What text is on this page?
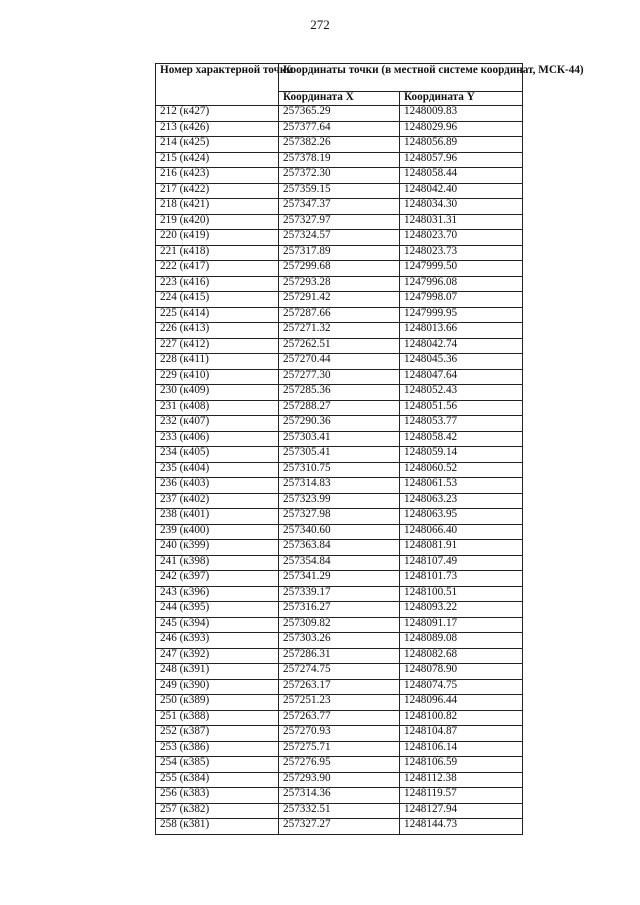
272
Номер характерной точки	Координаты точки (в местной системе координат, МСК-44)	
	Координата X	Координата Y
212 (к427)	257365.29	1248009.83
213 (к426)	257377.64	1248029.96
214 (к425)	257382.26	1248056.89
215 (к424)	257378.19	1248057.96
216 (к423)	257372.30	1248058.44
217 (к422)	257359.15	1248042.40
218 (к421)	257347.37	1248034.30
219 (к420)	257327.97	1248031.31
220 (к419)	257324.57	1248023.70
221 (к418)	257317.89	1248023.73
222 (к417)	257299.68	1247999.50
223 (к416)	257293.28	1247996.08
224 (к415)	257291.42	1247998.07
225 (к414)	257287.66	1247999.95
226 (к413)	257271.32	1248013.66
227 (к412)	257262.51	1248042.74
228 (к411)	257270.44	1248045.36
229 (к410)	257277.30	1248047.64
230 (к409)	257285.36	1248052.43
231 (к408)	257288.27	1248051.56
232 (к407)	257290.36	1248053.77
233 (к406)	257303.41	1248058.42
234 (к405)	257305.41	1248059.14
235 (к404)	257310.75	1248060.52
236 (к403)	257314.83	1248061.53
237 (к402)	257323.99	1248063.23
238 (к401)	257327.98	1248063.95
239 (к400)	257340.60	1248066.40
240 (к399)	257363.84	1248081.91
241 (к398)	257354.84	1248107.49
242 (к397)	257341.29	1248101.73
243 (к396)	257339.17	1248100.51
244 (к395)	257316.27	1248093.22
245 (к394)	257309.82	1248091.17
246 (к393)	257303.26	1248089.08
247 (к392)	257286.31	1248082.68
248 (к391)	257274.75	1248078.90
249 (к390)	257263.17	1248074.75
250 (к389)	257251.23	1248096.44
251 (к388)	257263.77	1248100.82
252 (к387)	257270.93	1248104.87
253 (к386)	257275.71	1248106.14
254 (к385)	257276.95	1248106.59
255 (к384)	257293.90	1248112.38
256 (к383)	257314.36	1248119.57
257 (к382)	257332.51	1248127.94
258 (к381)	257327.27	1248144.73
